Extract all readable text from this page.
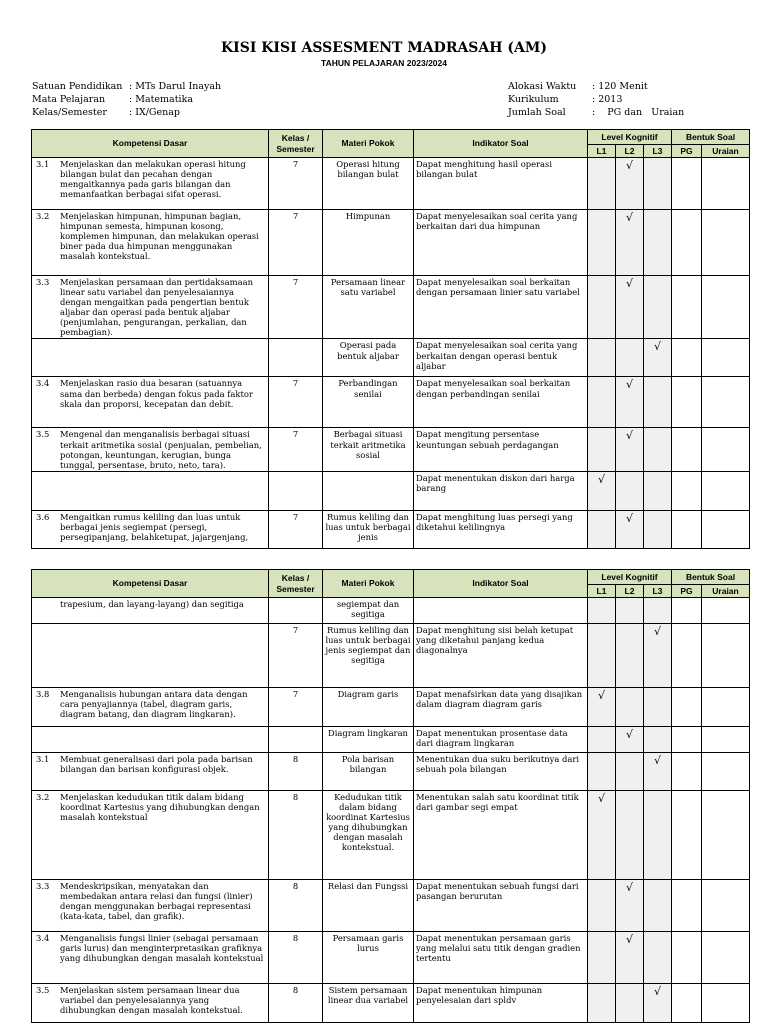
KISI KISI ASSESMENT MADRASAH (AM)
TAHUN PELAJARAN 2023/2024
Satuan Pendidikan : MTs Darul Inayah
Mata Pelajaran	: Matematika
Kelas/Semester	: IX/Genap
Alokasi Waktu	: 120 Menit
Kurikulum	: 2013
Jumlah Soal	:    PG dan   Uraian
Kompetensi Dasar	Kelas / Semester	Materi Pokok	Indikator Soal	Level Kognitif			Bentuk Soal	
				L1	L2	L3	PG	Uraian

3.1 Menjelaskan dan melakukan operasi hitung bilangan bulat dan pecahan dengan mengaitkannya pada garis bilangan dan memanfaatkan berbagai sifat operasi.	7	Operasi hitung bilangan bulat	Dapat menghitung hasil operasi bilangan bulat		√			

3.2 Menjelaskan himpunan, himpunan bagian, himpunan semesta, himpunan kosong, komplemen himpunan, dan melakukan operasi biner pada dua himpunan menggunakan masalah kontekstual.	7	Himpunan	Dapat menyelesaikan soal cerita yang berkaitan dari dua himpunan		√			

3.3 Menjelaskan persamaan dan pertidaksamaan linear satu variabel dan penyelesaiannya dengan mengaitkan pada pengertian bentuk aljabar dan operasi pada bentuk aljabar (penjumlahan, pengurangan, perkalian, dan pembagian).	7	Persamaan linear satu variabel	Dapat menyelesaikan soal berkaitan dengan persamaan linier satu variabel		√			

		Operasi pada bentuk aljabar	Dapat menyelesaikan soal cerita yang berkaitan dengan operasi bentuk aljabar			√		

3.4 Menjelaskan rasio dua besaran (satuannya sama dan berbeda) dengan fokus pada faktor skala dan proporsi, kecepatan dan debit.	7	Perbandingan senilai	Dapat menyelesaikan soal berkaitan dengan perbandingan senilai		√			

3.5 Mengenal dan menganalisis berbagai situasi terkait aritmetika sosial (penjualan, pembelian, potongan, keuntungan, kerugian, bunga tunggal, persentase, bruto, neto, tara).	7	Berbagai situasi terkait aritmetika sosial	Dapat mengitung persentase keuntungan sebuah perdagangan		√			

			Dapat menentukan diskon dari harga barang	√				

3.6 Mengaitkan rumus keliling dan luas untuk berbagai jenis segiempat (persegi, persegipanjang, belahketupat, jajargenjang,	7	Rumus keliling dan luas untuk berbagai jenis	Dapat menghitung luas persegi yang diketahui kelilingnya		√			
Kompetensi Dasar	Kelas / Semester	Materi Pokok	Indikator Soal	Level Kognitif			Bentuk Soal	
				L1	L2	L3	PG	Uraian

trapesium, dan layang-layang) dan segitiga		segiempat dan segitiga						

	7	Rumus keliling dan luas untuk berbagai jenis segiempat dan segitiga	Dapat menghitung sisi belah ketupat yang diketahui panjang kedua diagonalnya			√		

3.8 Menganalisis hubungan antara data dengan cara penyajiannya (tabel, diagram garis, diagram batang, dan diagram lingkaran).	7	Diagram garis	Dapat menafsirkan data yang disajikan dalam diagram diagram garis	√				

		Diagram lingkaran	Dapat menentukan prosentase data dari diagram lingkaran		√			

3.1 Membuat generalisasi dari pola pada barisan bilangan dan barisan konfigurasi objek.	8	Pola barisan bilangan	Menentukan dua suku berikutnya dari sebuah pola bilangan			√		

3.2 Menjelaskan kedudukan titik dalam bidang koordinat Kartesius yang dihubungkan dengan masalah kontekstual	8	Kedudukan titik dalam bidang koordinat Kartesius yang dihubungkan dengan masalah kontekstual.	Menentukan salah satu koordinat titik dari gambar segi empat	√				

3.3 Mendeskripsikan, menyatakan dan membedakan antara relasi dan fungsi (linier) dengan menggunakan berbagai representasi (kata-kata, tabel, dan grafik).	8	Relasi dan Fungssi	Dapat menentukan sebuah fungsi dari pasangan berurutan		√			

3.4 Menganalisis fungsi linier (sebagai persamaan garis lurus) dan menginterpretasikan grafiknya yang dihubungkan dengan masalah kontekstual	8	Persamaan garis lurus	Dapat menentukan persamaan garis yang melalui satu titik dengan gradien tertentu		√			

3.5 Menjelaskan sistem persamaan linear dua variabel dan penyelesaiannya yang dihubungkan dengan masalah kontekstual.	8	Sistem persamaan linear dua variabel	Dapat menentukan himpunan penyelesaian dari spldv			√		
